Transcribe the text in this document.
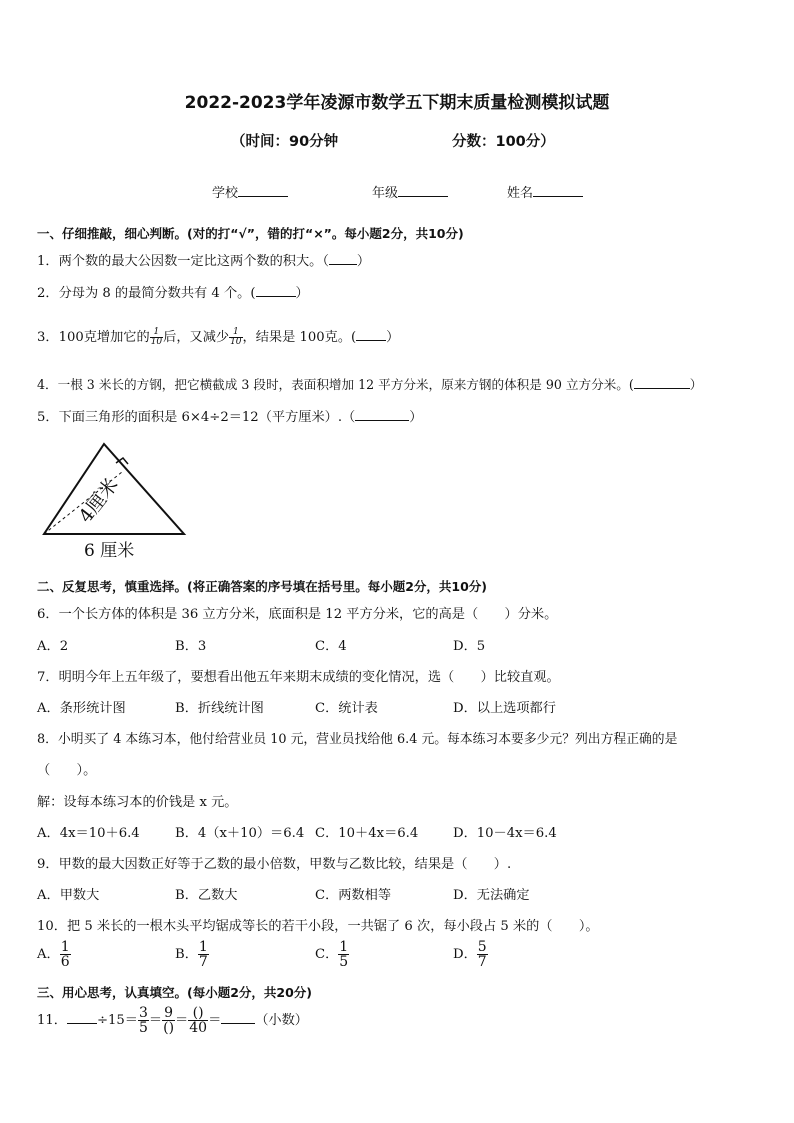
2022-2023学年凌源市数学五下期末质量检测模拟试题
（时间：90分钟	分数：100分）
学校	年级	姓名
一、仔细推敲，细心判断。(对的打“√”，错的打“×”。每小题2分，共10分)
1．两个数的最大公因数一定比这两个数的积大。（ ）
2．分母为 8 的最简分数共有 4 个。(	）
3．100克增加它的 $\frac{1}{10}$ 后，又减少 $\frac{1}{10}$ ，结果是 100克。( ）
4．一根 3 米长的方钢，把它横截成 3 段时，表面积增加 12 平方分米，原来方钢的体积是 90 立方分米。(	）
5．下面三角形的面积是 6×4÷2＝12（平方厘米）.（	）
4厘米
6 厘米
二、反复思考，慎重选择。(将正确答案的序号填在括号里。每小题2分，共10分)
6．一个长方体的体积是 36 立方分米，底面积是 12 平方分米，它的高是（　　）分米。
A．2	B．3	C．4	D．5
7．明明今年上五年级了，要想看出他五年来期末成绩的变化情况，选（　　）比较直观。
A．条形统计图	B．折线统计图	C．统计表	D．以上选项都行
8．小明买了 4 本练习本，他付给营业员 10 元，营业员找给他 6.4 元。每本练习本要多少元？列出方程正确的是
（　　）。
解：设每本练习本的价钱是 x 元。
A．4x＝10＋6.4	B．4（x＋10）＝6.4 C．10＋4x＝6.4	D．10－4x＝6.4
9．甲数的最大因数正好等于乙数的最小倍数，甲数与乙数比较，结果是（　　）.
A．甲数大	B．乙数大	C．两数相等	D．无法确定
10．把 5 米长的一根木头平均锯成等长的若干小段，一共锯了 6 次，每小段占 5 米的（　　）。
A． $\frac{1}{6}$	B． $\frac{1}{7}$	C． $\frac{1}{5}$	D． $\frac{5}{7}$
三、用心思考，认真填空。(每小题2分，共20分)
11． $\div 15= \frac{3}{5} = \frac{9}{()} = \frac{()}{40}$ ＝	（小数）
